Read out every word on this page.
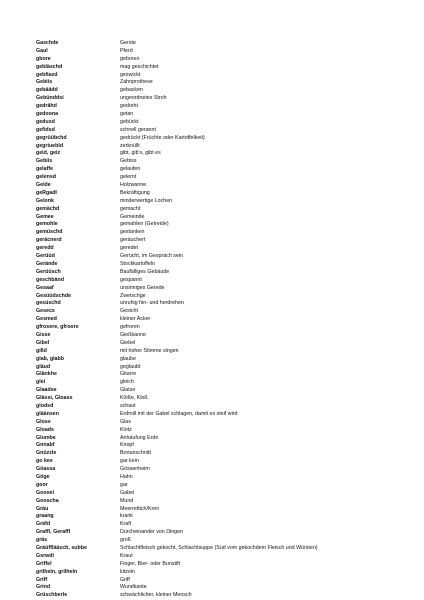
Gaschde	Gerste
Gaul	Pferd
gbore	geboren
gebläschd	mag geschichtet
gebfiazd	gezwickt
Gebiis	Zahnprothese
gebäädd	gebacken
Gebünddsi	ungeordnetes Stroh
gedrähd	gedreht
gedoona	getan
gedusd	gebückt
gefidsd	schnell gerannt
gegrüübchd	gedrückt (Früchte oder Kartoffelkeit)
gegriuebld	zerknüllt
geid, geiz	gibt, gib's, gibt es
Gebiis	Gebiss
gelaffe	gelaufen
gelensd	gelernt
Gelde	Holzwanne
geRgadl	Bekräftigung
Gelonk	minderwertige Lochen
gemächd	gemacht
Gemee	Gemeinde
gemohle	gemahlen (Getreide)
gemüschd	gestanken
geräcnerd	geräuchert
geredd	geredet
Gerüüd	Gerücht, im Gespräch sein
Gerände	Stockkartoffeln
Gerüüsch	Baufälliges Gebäude
geschbånd	gespannt
Gesaaf	unsinniges Gerede
Gesüüdschde	Zwetschge
gesüschd	unruhig hin- und herdrehen
Gesecs	Gesicht
Gesmed	kleiner Acker
gfrosere, gfroore	gefroren
Gisse	Gießkanne
Gibel	Giebel
gilld	mit hoher Stimme singen
glab, glabb	glaube
gläud	geglaubt
Glänkhe	Gitarre
glei	gleich
Glaadse	Glatze
Glässi, Gloass	Klöße, Kloß
glodsd	schaut
gläänsen	Erdmill mit der Gabel schlagen, damit es steif wird
Gloss	Glas
Gloads	Klotz
Glumbe	Anhäufung Erde
Gnnabf	Knopf
Gnüzzle	Brotanschnitt
go kee	gar kein
Göassa	Gössenheim
Göge	Hahn
goor	gar
Goovel	Gabel
Gooscha	Mund
Gräu	Meerrettich/Kren
graang	krank
Gräfd	Kraft
Graffl, Geraffl	Durcheinander von Dingen
gräs	groß
Gräüfflääsch, subbe	Schlachtfleisch gekocht, Schlachtsuppe (Sud vom gekochdem Fleisch und Würsten)
Gsrwdi	Kraut
Griffel	Finger, Bier- oder Bunstift
grilheln, grilheln	kitzeln
Griff	Griff
Grind	Wundkante
Grüschberle	schwächlicher, kleiner Mensch
